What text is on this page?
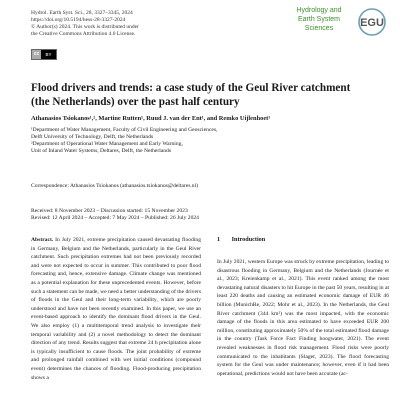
Hydrol. Earth Syst. Sci., 28, 3327–3345, 2024
https://doi.org/10.5194/hess-28-3327-2024
© Author(s) 2024. This work is distributed under
the Creative Commons Attribution 4.0 License.
cc	BY
Hydrology and
Earth System
Sciences	EGU
Flood drivers and trends: a case study of the Geul River catchment (the Netherlands) over the past half century
Athanasios Tsiokanos¹,², Martine Rutten¹, Ruud J. van der Ent¹, and Remko Uijlenhoet¹
¹Department of Water Management, Faculty of Civil Engineering and Geosciences,
Delft University of Technology, Delft, the Netherlands
²Department of Operational Water Management and Early Warning,
Unit of Inland Water Systems, Deltares, Delft, the Netherlands
Correspondence: Athanasios Tsiokanos (athanasios.tsiokanos@deltares.nl)
Received: 8 November 2023 – Discussion started: 15 November 2023
Revised: 12 April 2024 – Accepted: 7 May 2024 – Published: 26 July 2024
Abstract. In July 2021, extreme precipitation caused devastating flooding in Germany, Belgium and the Netherlands, particularly in the Geul River catchment. Such precipitation extremes had not been previously recorded and were not expected to occur in summer. This contributed to poor flood forecasting and, hence, extensive damage. Climate change was mentioned as a potential explanation for these unprecedented events. However, before such a statement can be made, we need a better understanding of the drivers of floods in the Geul and their long-term variability, which are poorly understood and have not been recently examined. In this paper, we use an event-based approach to identify the dominant flood drivers in the Geul. We also employ (1) a multitemporal trend analysis to investigate their temporal variability and (2) a novel methodology to detect the dominant direction of any trend. Results suggest that extreme 24 h precipitation alone is typically insufficient to cause floods. The joint probability of extreme and prolonged rainfall combined with wet initial conditions (compound event) determines the chances of flooding. Flood-producing precipitation shows a
1 Introduction
In July 2021, western Europe was struck by extreme precipitation, leading to disastrous flooding in Germany, Belgium and the Netherlands (Journée et al., 2023; Kreienkamp et al., 2021). This event ranked among the most devastating natural disasters to hit Europe in the past 50 years, resulting in at least 220 deaths and causing an estimated economic damage of EUR 46 billion (MunichRe, 2022; Mohr et al., 2023). In the Netherlands, the Geul River catchment (344 km²) was the most impacted, with the economic damage of the floods in this area estimated to have exceeded EUR 200 million, constituting approximately 50% of the total estimated flood damage in the country (Task Force Fact Finding hoogwater, 2021). The event revealed weaknesses in flood risk management. Flood risks were poorly communicated to the inhabitants (Slager, 2023). The flood forecasting system for the Geul was under maintenance; however, even if it had been operational, predictions would not have been accurate (ac-
